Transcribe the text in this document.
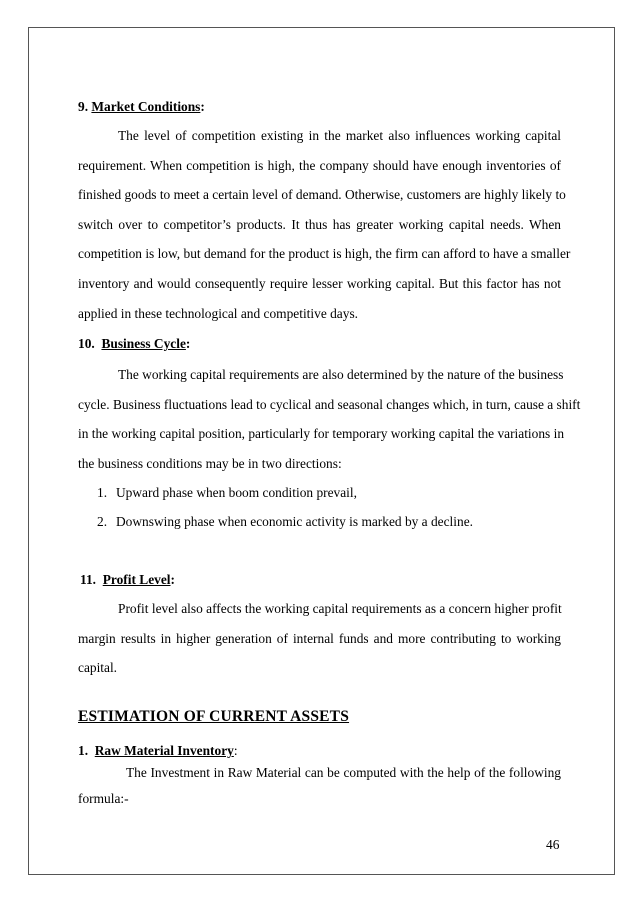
9. Market Conditions:
The level of competition existing in the market also influences working capital
requirement. When competition is high, the company should have enough inventories of
finished goods to meet a certain level of demand. Otherwise, customers are highly likely to
switch over to competitor’s products. It thus has greater working capital needs. When
competition is low, but demand for the product is high, the firm can afford to have a smaller
inventory and would consequently require lesser working capital. But this factor has not
applied in these technological and competitive days.
10. Business Cycle:
The working capital requirements are also determined by the nature of the business
cycle. Business fluctuations lead to cyclical and seasonal changes which, in turn, cause a shift
in the working capital position, particularly for temporary working capital the variations in
the business conditions may be in two directions:
1. Upward phase when boom condition prevail,
2. Downswing phase when economic activity is marked by a decline.
11. Profit Level:
Profit level also affects the working capital requirements as a concern higher profit
margin results in higher generation of internal funds and more contributing to working
capital.
ESTIMATION OF CURRENT ASSETS
1. Raw Material Inventory:
The Investment in Raw Material can be computed with the help of the following
formula:-
46
